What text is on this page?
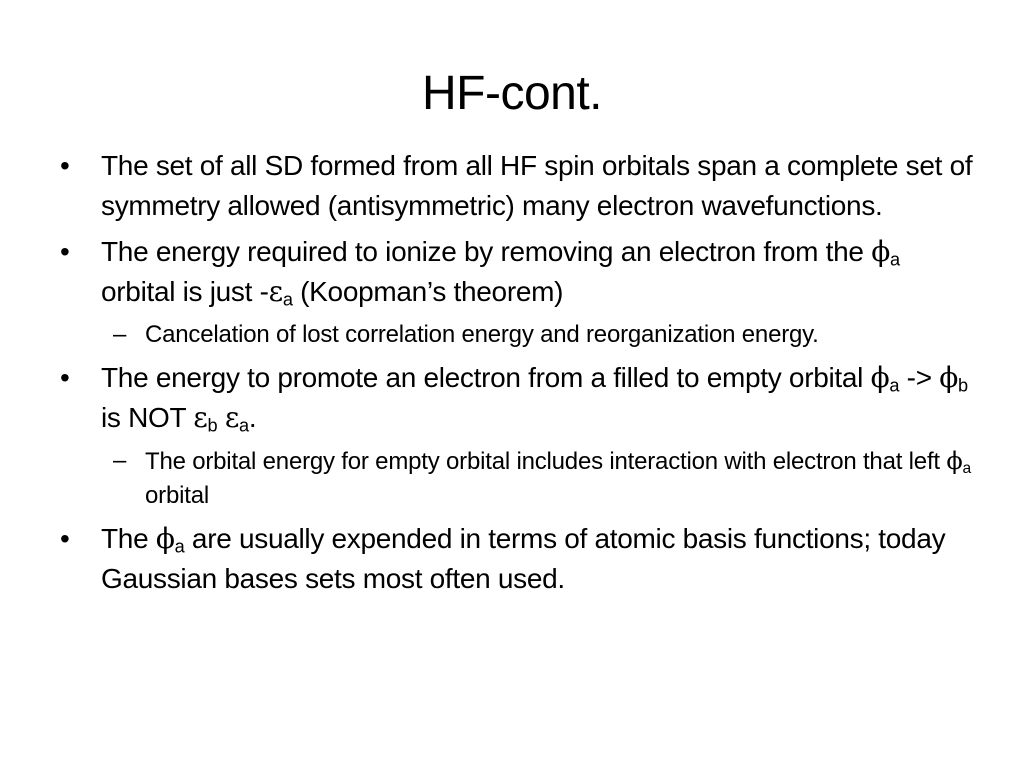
HF-cont.
•	The set of all SD formed from all HF spin orbitals span a complete set of symmetry allowed (antisymmetric) many electron wavefunctions.
•	The energy required to ionize by removing an electron from the $\phi_a$ orbital is just $-\varepsilon_a$ (Koopman’s theorem)
– Cancelation of lost correlation energy and reorganization energy.
•	The energy to promote an electron from a filled to empty orbital $\phi_a -> \phi_b$ is NOT $\varepsilon_b$ $\varepsilon_a$.
– The orbital energy for empty orbital includes interaction with electron that left $\phi_a$ orbital
•	The $\phi_a$ are usually expended in terms of atomic basis functions; today Gaussian bases sets most often used.
